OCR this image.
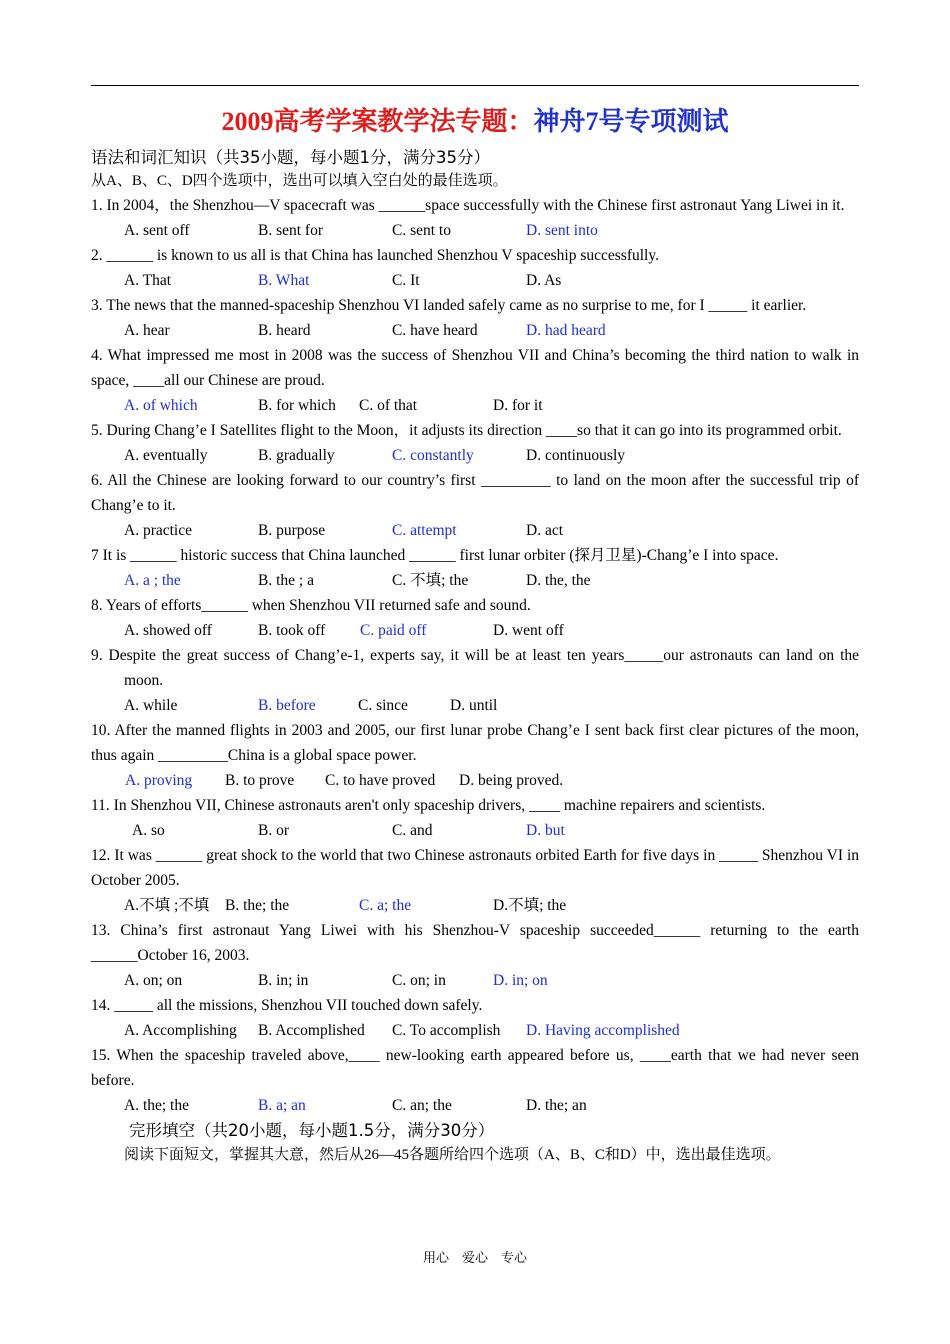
2009高考学案教学法专题：神舟7号专项测试
语法和词汇知识（共35小题，每小题1分，满分35分）
从A、B、C、D四个选项中，选出可以填入空白处的最佳选项。
1. In 2004，the Shenzhou—V spacecraft was ______space successfully with the Chinese first astronaut Yang Liwei in it.
A. sent off	B. sent for	C. sent to	D. sent into
2. ______ is known to us all is that China has launched Shenzhou V spaceship successfully.
A. That	B. What	C. It	D. As
3. The news that the manned-spaceship Shenzhou VI landed safely came as no surprise to me, for I _____ it earlier.
A. hear	B. heard	C. have heard	D. had heard
4. What impressed me most in 2008 was the success of Shenzhou VII and China’s becoming the third nation to walk in space, ____all our Chinese are proud.
A. of which	B. for which C. of that	D. for it
5. During Chang’e I Satellites flight to the Moon，it adjusts its direction ____so that it can go into its programmed orbit.
A. eventually	B. gradually	C. constantly	D. continuously
6. All the Chinese are looking forward to our country’s first _________ to land on the moon after the successful trip of Chang’e to it.
A. practice	B. purpose	C. attempt	D. act
7 It is ______ historic success that China launched ______ first lunar orbiter (探月卫星)-Chang’e I into space.
A. a ; the	B. the ; a	C. 不填; the	D. the, the
8. Years of efforts______ when Shenzhou VII returned safe and sound.
A. showed off	B. took off C. paid off	D. went off
9. Despite the great success of Chang’e-1, experts say, it will be at least ten years_____our astronauts can land on the moon.
A. while	B. before	C. since	D. until
10. After the manned flights in 2003 and 2005, our first lunar probe Chang’e I sent back first clear pictures of the moon, thus again _________China is a global space power.
A. proving B. to prove C. to have proved D. being proved.
11. In Shenzhou VII, Chinese astronauts aren't only spaceship drivers, ____ machine repairers and scientists.
A. so	B. or	C. and	D. but
12. It was ______ great shock to the world that two Chinese astronauts orbited Earth for five days in _____ Shenzhou VI in October 2005.
A.不填 ;不填 B. the; the	C. a; the	D.不填; the
13. China’s first astronaut Yang Liwei with his Shenzhou-V spaceship succeeded______ returning to the earth ______October 16, 2003.
A. on; on	B. in; in	C. on; in	D. in; on
14. _____ all the missions, Shenzhou VII touched down safely.
A. Accomplishing B. Accomplished C. To accomplish D. Having accomplished
15. When the spaceship traveled above,____ new-looking earth appeared before us, ____earth that we had never seen before.
A. the; the	B. a; an	C. an; the	D. the; an
完形填空（共20小题，每小题1.5分，满分30分）
阅读下面短文，掌握其大意，然后从26—45各题所给四个选项（A、B、C和D）中，选出最佳选项。
用心　爱心　专心
